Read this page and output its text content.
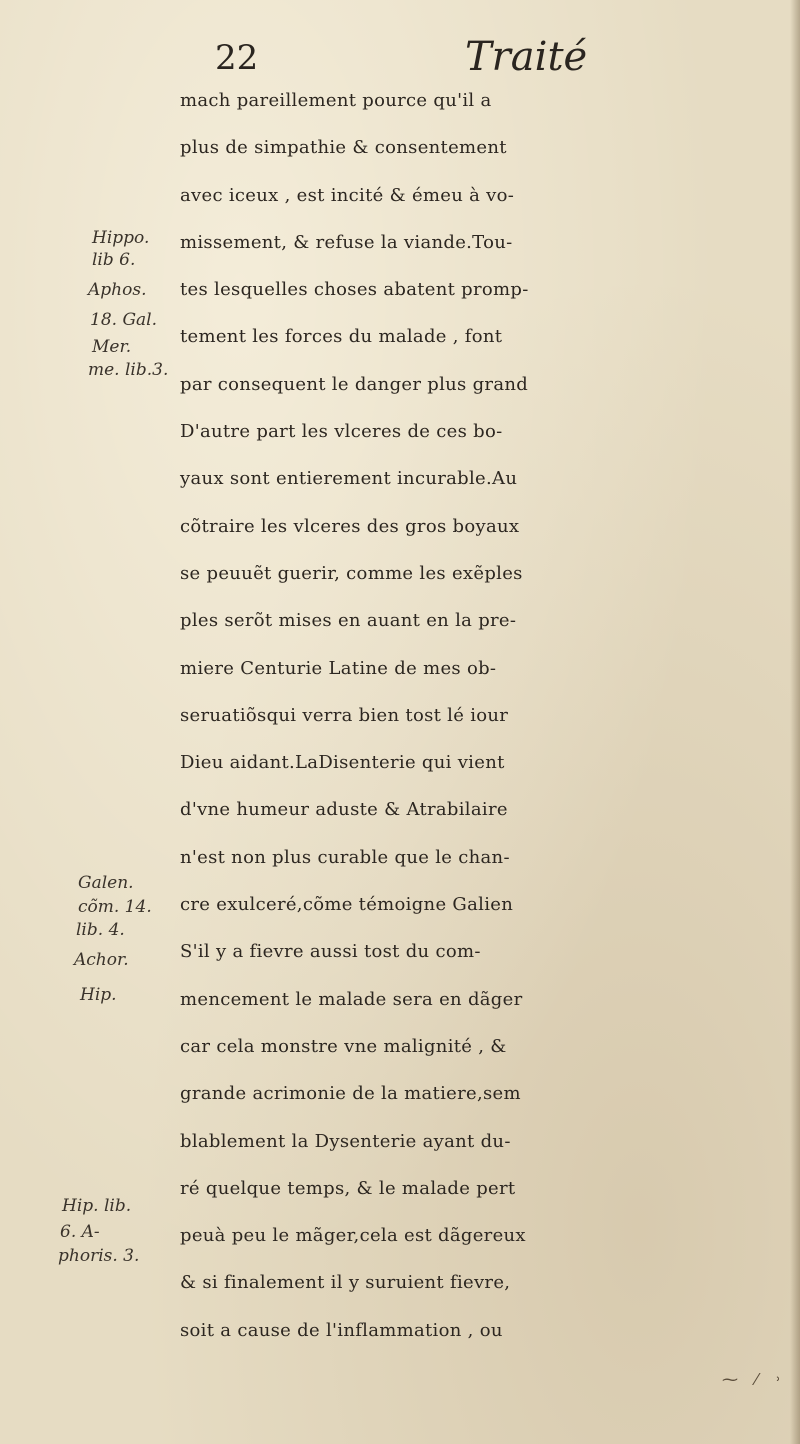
22	Traité
mach pareillement pource qu'il a
plus de simpathie & consentement
avec iceux , est incité & émeu à vo-
missement, & refuse la viande.Tou-
tes lesquelles choses abatent promp-
tement les forces du malade , font
par consequent le danger plus grand
D'autre part les vlceres de ces bo-
yaux sont entierement incurable.Au
cõtraire les vlceres des gros boyaux
se peuuẽt guerir, comme les exẽples
ples serõt mises en auant en la pre-
miere Centurie Latine de mes ob-
seruatiõsqui verra bien tost lé iour
Dieu aidant.LaDisenterie qui vient
d'vne humeur aduste & Atrabilaire
n'est non plus curable que le chan-
cre exulceré,cõme témoigne Galien
S'il y a fievre aussi tost du com-
mencement le malade sera en dãger
car cela monstre vne malignité , &
grande acrimonie de la matiere,sem
blablement la Dysenterie ayant du-
ré quelque temps, & le malade pert
peuà peu le mãger,cela est dãgereux
& si finalement il y suruient fievre,
soit a cause de l'inflammation , ou
Hippo.
lib 6.
Aphos.
18. Gal.
Mer.
me. lib.3.
Galen.
cõm. 14.
lib. 4.
Achor.
Hip.
Hip. lib.
6. A-
phoris. 3.
⁓ ⁄ ˒
